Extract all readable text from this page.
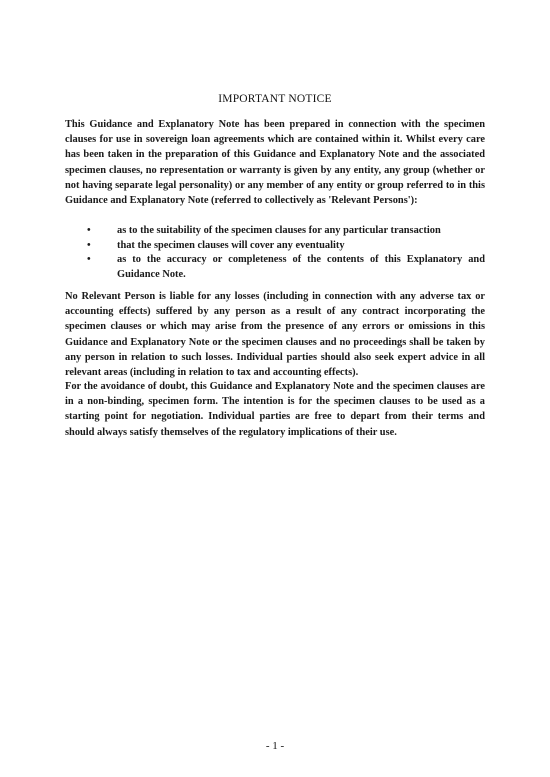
IMPORTANT NOTICE
This Guidance and Explanatory Note has been prepared in connection with the specimen clauses for use in sovereign loan agreements which are contained within it. Whilst every care has been taken in the preparation of this Guidance and Explanatory Note and the associated specimen clauses, no representation or warranty is given by any entity, any group (whether or not having separate legal personality) or any member of any entity or group referred to in this Guidance and Explanatory Note (referred to collectively as 'Relevant Persons'):
•	as to the suitability of the specimen clauses for any particular transaction
•	that the specimen clauses will cover any eventuality
•	as to the accuracy or completeness of the contents of this Explanatory and Guidance Note.
No Relevant Person is liable for any losses (including in connection with any adverse tax or accounting effects) suffered by any person as a result of any contract incorporating the specimen clauses or which may arise from the presence of any errors or omissions in this Guidance and Explanatory Note or the specimen clauses and no proceedings shall be taken by any person in relation to such losses. Individual parties should also seek expert advice in all relevant areas (including in relation to tax and accounting effects).
For the avoidance of doubt, this Guidance and Explanatory Note and the specimen clauses are in a non-binding, specimen form. The intention is for the specimen clauses to be used as a starting point for negotiation. Individual parties are free to depart from their terms and should always satisfy themselves of the regulatory implications of their use.
- 1 -
